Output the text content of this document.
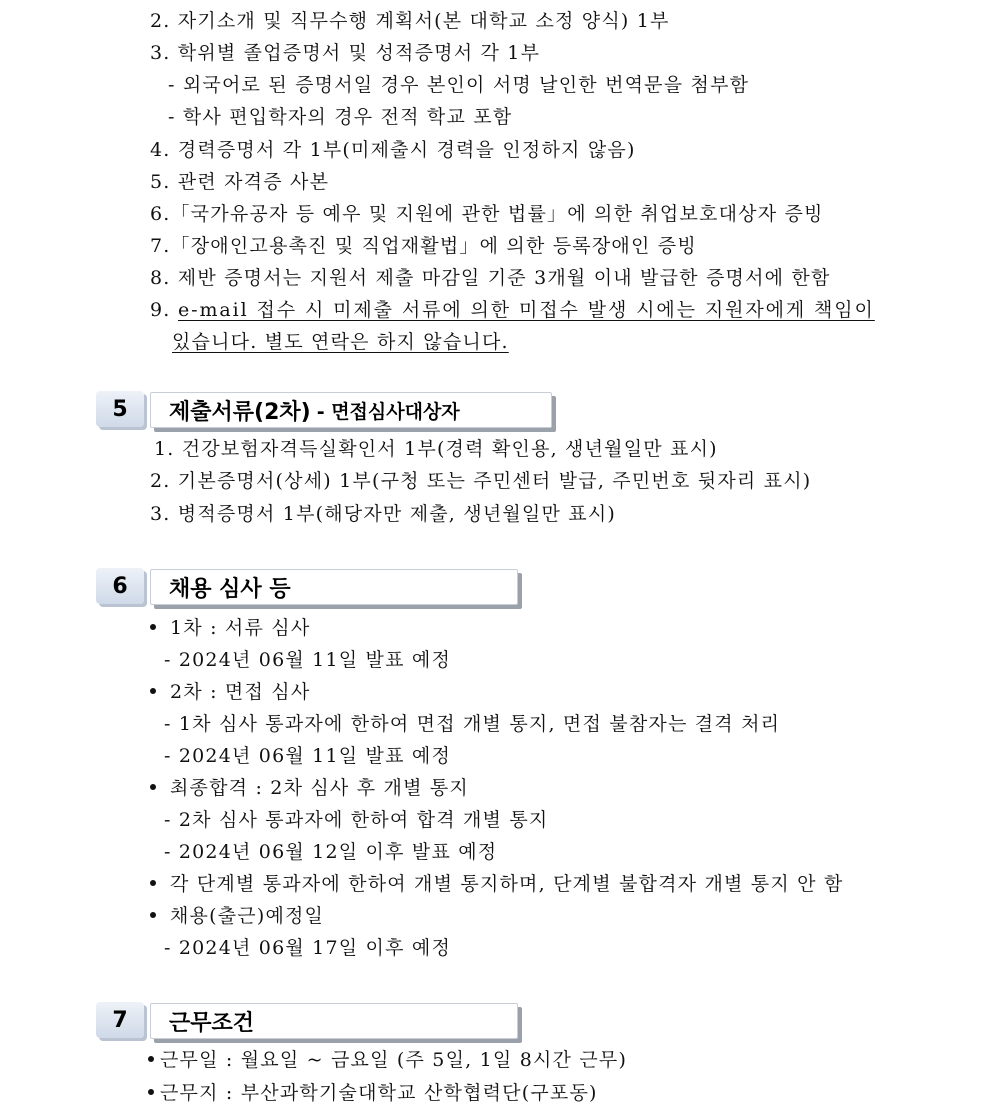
2. 자기소개 및 직무수행 계획서(본 대학교 소정 양식) 1부
3. 학위별 졸업증명서 및 성적증명서 각 1부
- 외국어로 된 증명서일 경우 본인이 서명 날인한 번역문을 첨부함
- 학사 편입학자의 경우 전적 학교 포함
4. 경력증명서 각 1부(미제출시 경력을 인정하지 않음)
5. 관련 자격증 사본
6.「국가유공자 등 예우 및 지원에 관한 법률」에 의한 취업보호대상자 증빙
7.「장애인고용촉진 및 직업재활법」에 의한 등록장애인 증빙
8. 제반 증명서는 지원서 제출 마감일 기준 3개월 이내 발급한 증명서에 한함
9. e-mail 접수 시 미제출 서류에 의한 미접수 발생 시에는 지원자에게 책임이
있습니다. 별도 연락은 하지 않습니다.
5	제출서류(2차) - 면접심사대상자
1. 건강보험자격득실확인서 1부(경력 확인용, 생년월일만 표시)
2. 기본증명서(상세) 1부(구청 또는 주민센터 발급, 주민번호 뒷자리 표시)
3. 병적증명서 1부(해당자만 제출, 생년월일만 표시)
6	채용 심사 등
1차 : 서류 심사
- 2024년 06월 11일 발표 예정
2차 : 면접 심사
- 1차 심사 통과자에 한하여 면접 개별 통지, 면접 불참자는 결격 처리
- 2024년 06월 11일 발표 예정
최종합격 : 2차 심사 후 개별 통지
- 2차 심사 통과자에 한하여 합격 개별 통지
- 2024년 06월 12일 이후 발표 예정
각 단계별 통과자에 한하여 개별 통지하며, 단계별 불합격자 개별 통지 안 함
채용(출근)예정일
- 2024년 06월 17일 이후 예정
7	근무조건
근무일 : 월요일 ~ 금요일 (주 5일, 1일 8시간 근무)
근무지 : 부산과학기술대학교 산학협력단(구포동)
